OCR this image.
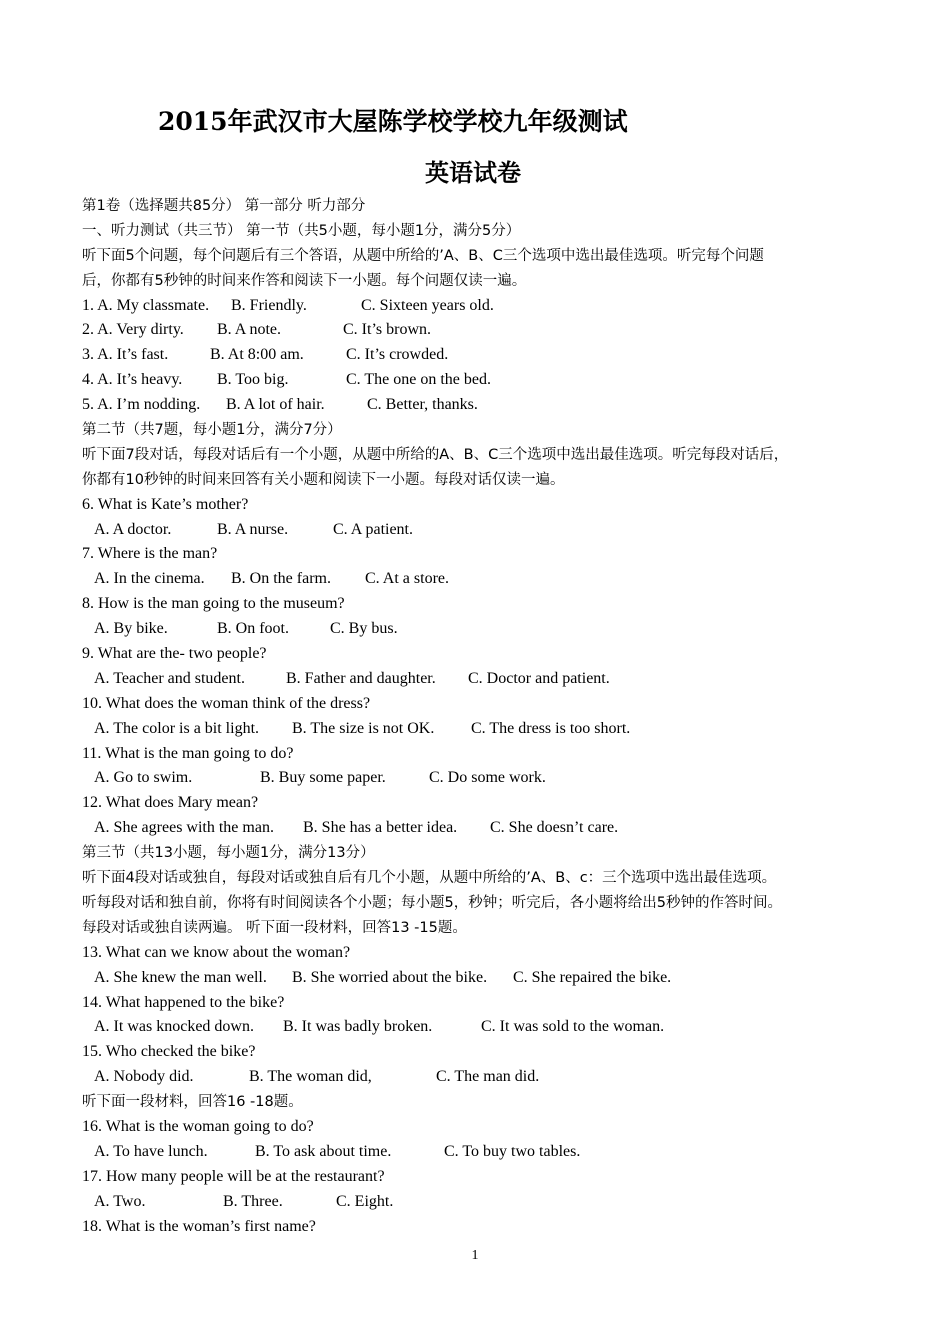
2015年武汉市大屋陈学校学校九年级测试
英语试卷
第1卷（选择题共85分） 第一部分 听力部分
一、听力测试（共三节） 第一节（共5小题，每小题1分，满分5分）
听下面5个问题，每个问题后有三个答语，从题中所给的’A、B、C三个选项中选出最佳选项。听完每个问题
后，你都有5秒钟的时间来作答和阅读下一小题。每个问题仅读一遍。
1. A. My classmate. B. Friendly.	C. Sixteen years old.
2. A. Very dirty. B. A note.	C. It’s brown.
3. A. It’s fast.	B. At 8:00 am.	C. It’s crowded.
4. A. It’s heavy. B. Too big.	C. The one on the bed.
5. A. I’m nodding. B. A lot of hair.	C. Better, thanks.
第二节（共7题，每小题1分，满分7分）
听下面7段对话，每段对话后有一个小题，从题中所给的A、B、C三个选项中选出最佳选项。听完每段对话后，
你都有10秒钟的时间来回答有关小题和阅读下一小题。每段对话仅读一遍。
6. What is Kate’s mother?
A. A doctor.	B. A nurse.	C. A patient.
7. Where is the man?
A. In the cinema. B. On the farm. C. At a store.
8. How is the man going to the museum?
A. By bike.	B. On foot.	C. By bus.
9. What are the- two people?
A. Teacher and student.	B. Father and daughter. C. Doctor and patient.
10. What does the woman think of the dress?
A. The color is a bit light. B. The size is not OK. C. The dress is too short.
11. What is the man going to do?
A. Go to swim.	B. Buy some paper.	C. Do some work.
12. What does Mary mean?
A. She agrees with the man. B. She has a better idea. C. She doesn’t care.
第三节（共13小题，每小题1分，满分13分）
听下面4段对话或独自，每段对话或独自后有几个小题，从题中所给的’A、B、c：三个选项中选出最佳选项。
听每段对话和独自前，你将有时间阅读各个小题；每小题5，秒钟；听完后，各小题将给出5秒钟的作答时间。
每段对话或独自读两遍。 听下面一段材料，回答13 -15题。
13. What can we know about the woman?
A. She knew the man well. B. She worried about the bike. C. She repaired the bike.
14. What happened to the bike?
A. It was knocked down. B. It was badly broken.	C. It was sold to the woman.
15. Who checked the bike?
A. Nobody did.	B. The woman did,	C. The man did.
听下面一段材料，回答16 -18题。
16. What is the woman going to do?
A. To have lunch.	B. To ask about time.	C. To buy two tables.
17. How many people will be at the restaurant?
A. Two.	B. Three.	C. Eight.
18. What is the woman’s first name?
1
